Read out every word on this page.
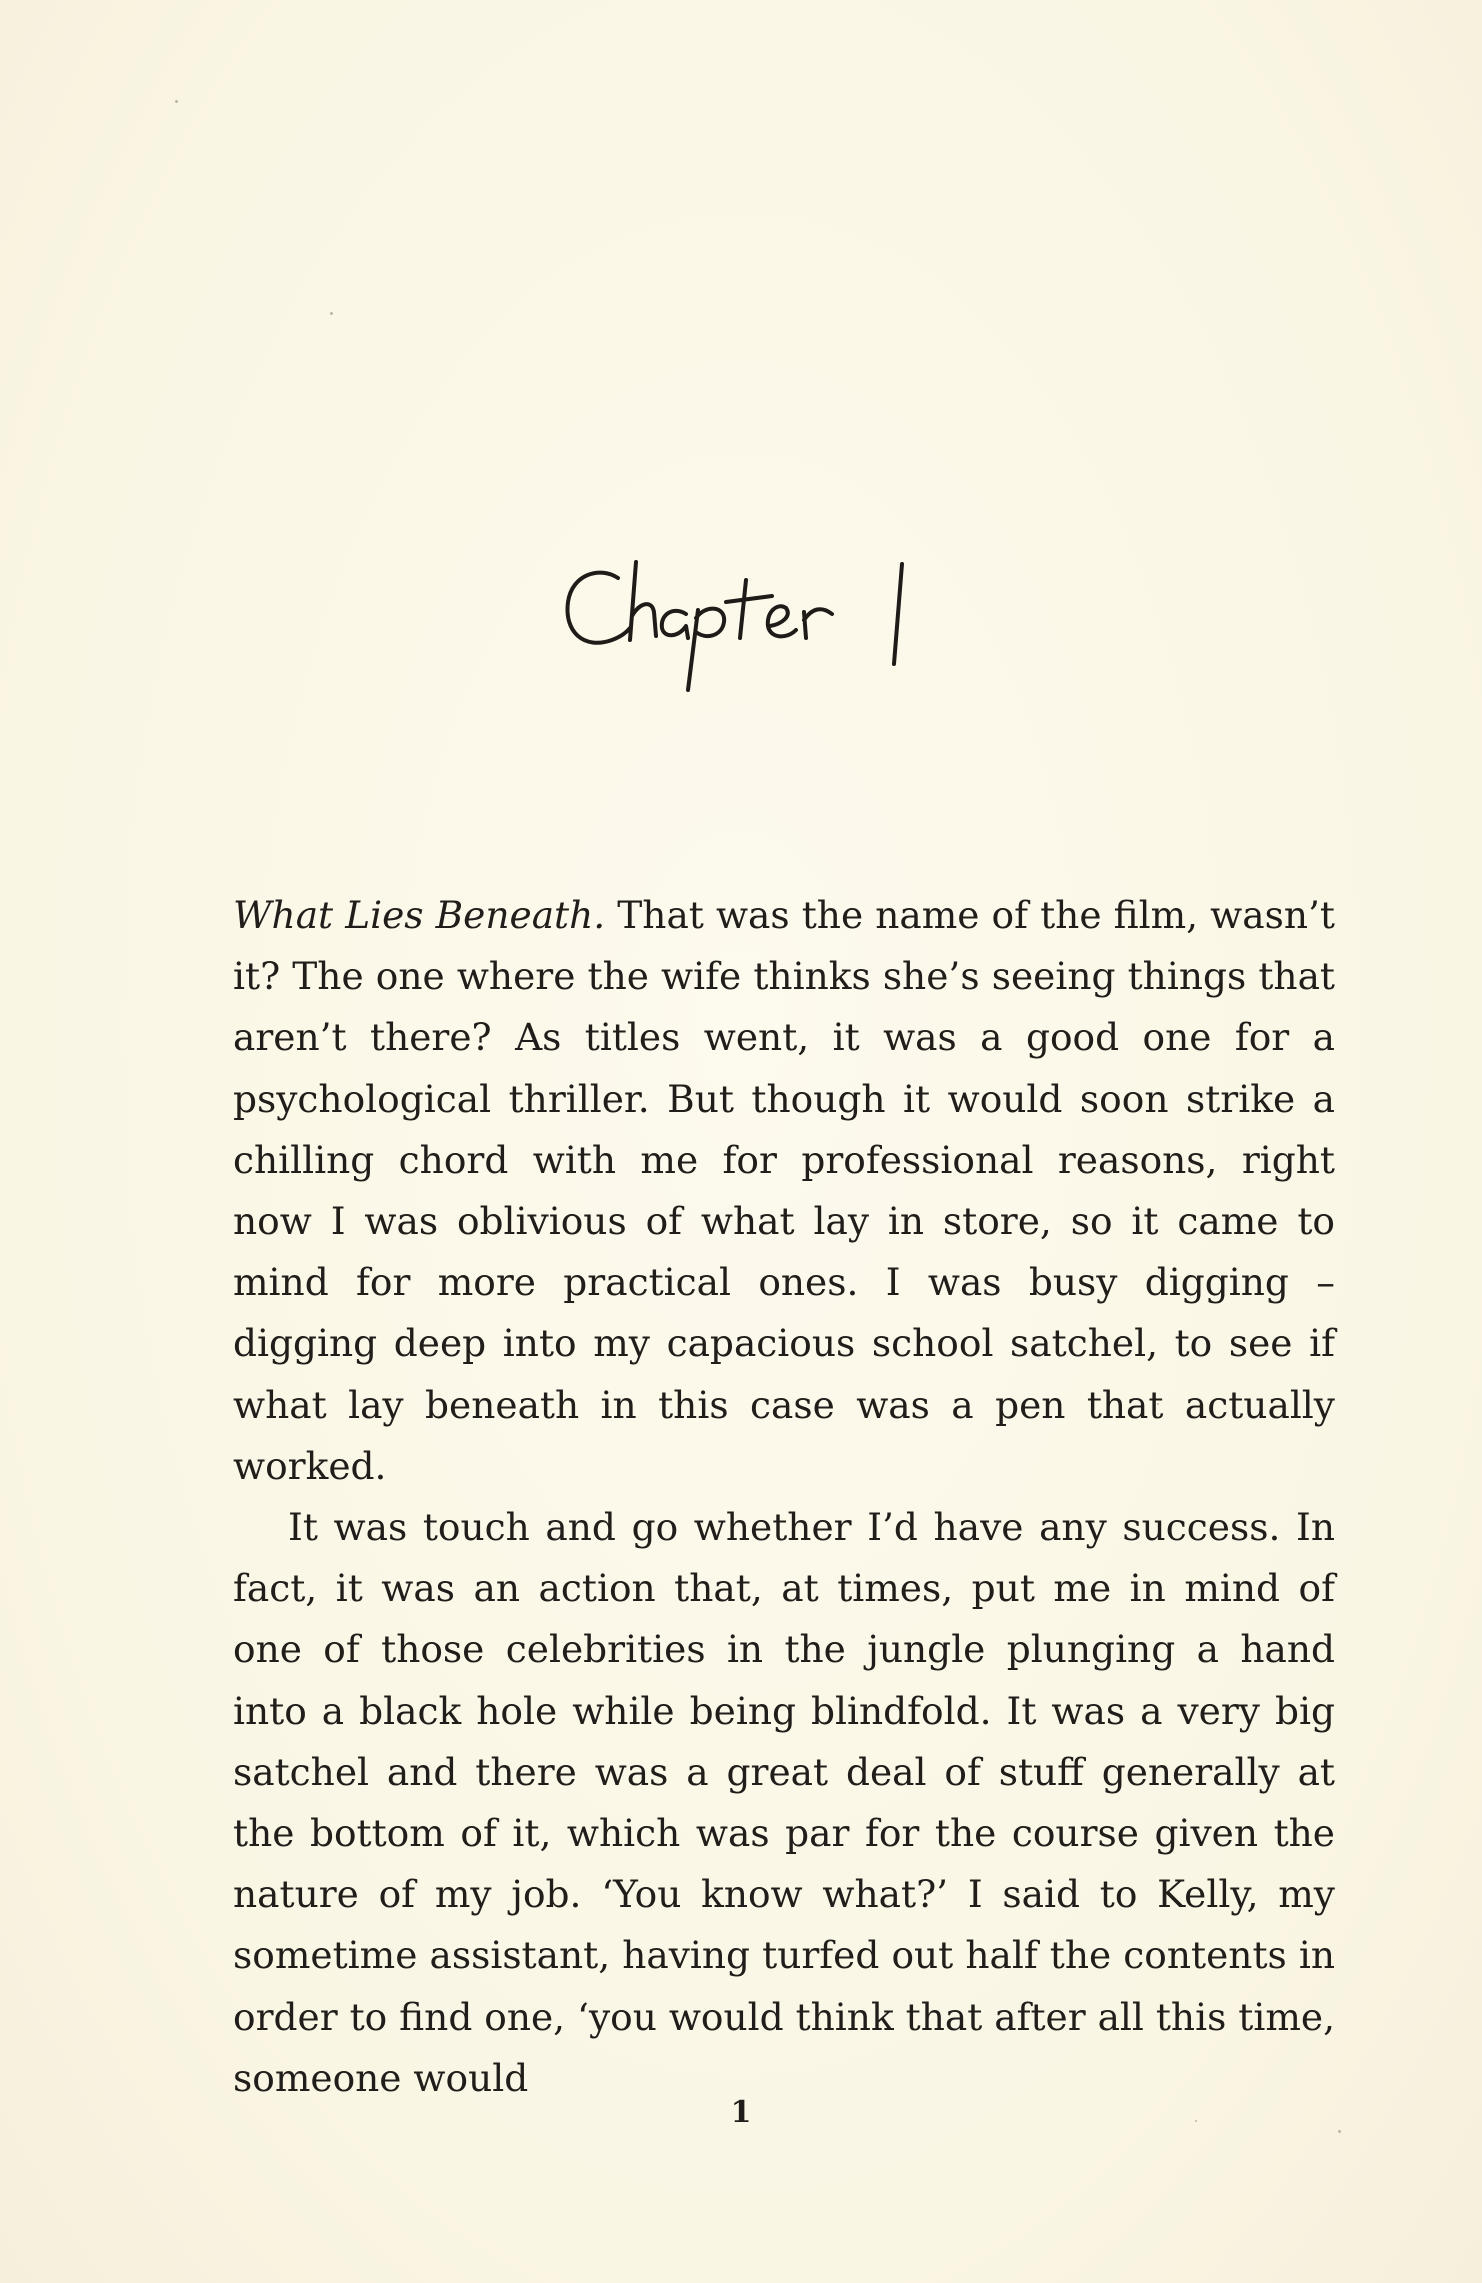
What Lies Beneath. That was the name of the film, wasn’t it? The one where the wife thinks she’s seeing things that aren’t there? As titles went, it was a good one for a psychological thriller. But though it would soon strike a chilling chord with me for professional reasons, right now I was oblivious of what lay in store, so it came to mind for more practical ones. I was busy digging – digging deep into my capacious school satchel, to see if what lay beneath in this case was a pen that actually worked.

It was touch and go whether I’d have any success. In fact, it was an action that, at times, put me in mind of one of those celebrities in the jungle plunging a hand into a black hole while being blindfold. It was a very big satchel and there was a great deal of stuff generally at the bottom of it, which was par for the course given the nature of my job. ‘You know what?’ I said to Kelly, my sometime assistant, having turfed out half the contents in order to find one, ‘you would think that after all this time, someone would

1
